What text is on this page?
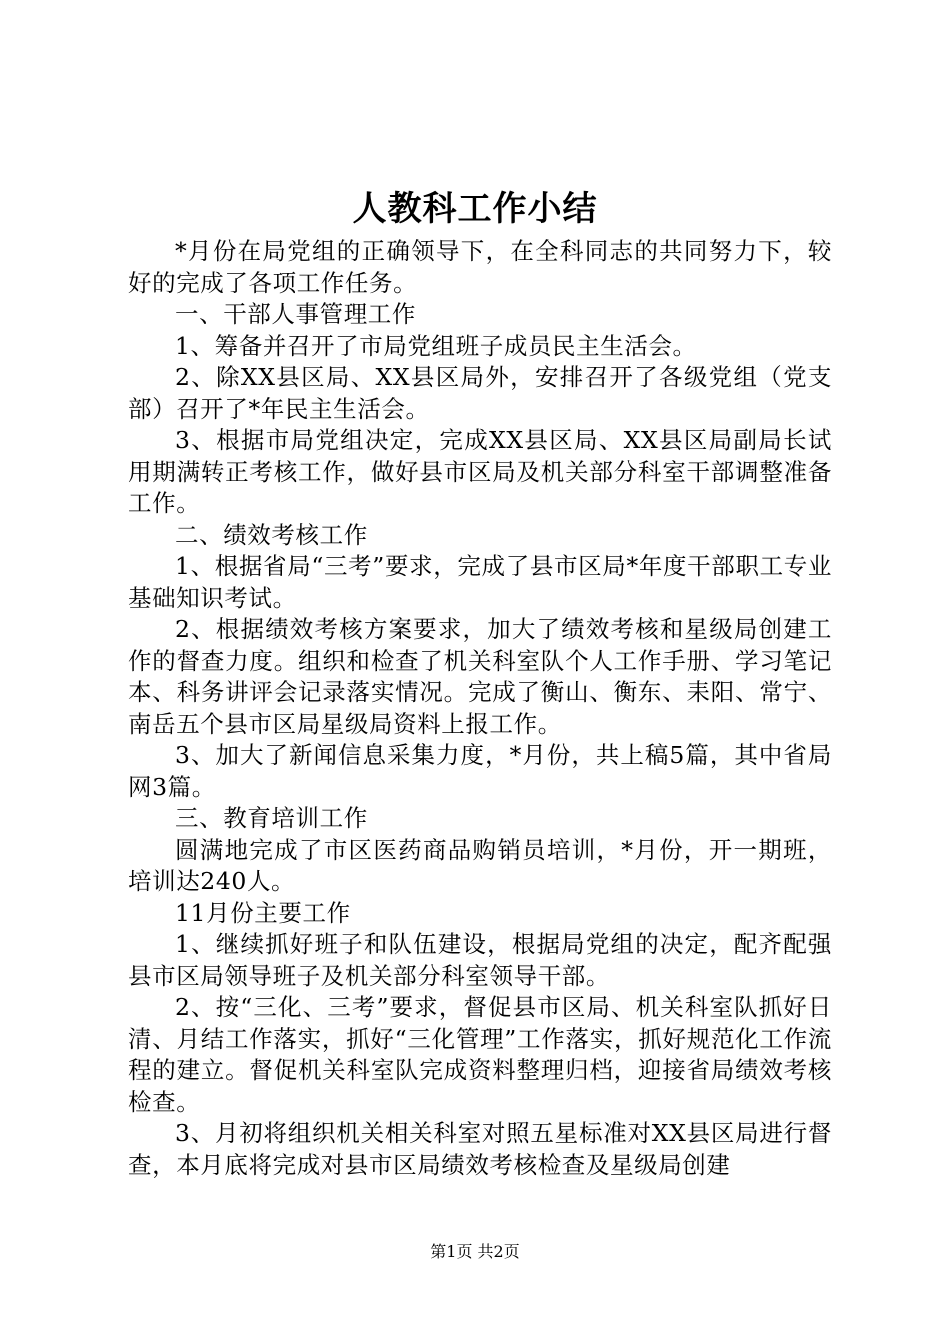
人教科工作小结

*月份在局党组的正确领导下，在全科同志的共同努力下，较好的完成了各项工作任务。

一、干部人事管理工作

1、筹备并召开了市局党组班子成员民主生活会。

2、除XX县区局、XX县区局外，安排召开了各级党组（党支部）召开了*年民主生活会。

3、根据市局党组决定，完成XX县区局、XX县区局副局长试用期满转正考核工作，做好县市区局及机关部分科室干部调整准备工作。

二、绩效考核工作

1、根据省局“三考”要求，完成了县市区局*年度干部职工专业基础知识考试。

2、根据绩效考核方案要求，加大了绩效考核和星级局创建工作的督查力度。组织和检查了机关科室队个人工作手册、学习笔记本、科务讲评会记录落实情况。完成了衡山、衡东、耒阳、常宁、南岳五个县市区局星级局资料上报工作。

3、加大了新闻信息采集力度，*月份，共上稿5篇，其中省局网3篇。

三、教育培训工作

圆满地完成了市区医药商品购销员培训，*月份，开一期班，培训达240人。

11月份主要工作

1、继续抓好班子和队伍建设，根据局党组的决定，配齐配强县市区局领导班子及机关部分科室领导干部。

2、按“三化、三考”要求，督促县市区局、机关科室队抓好日清、月结工作落实，抓好“三化管理”工作落实，抓好规范化工作流程的建立。督促机关科室队完成资料整理归档，迎接省局绩效考核检查。

3、月初将组织机关相关科室对照五星标准对XX县区局进行督查，本月底将完成对县市区局绩效考核检查及星级局创建

第1页 共2页
